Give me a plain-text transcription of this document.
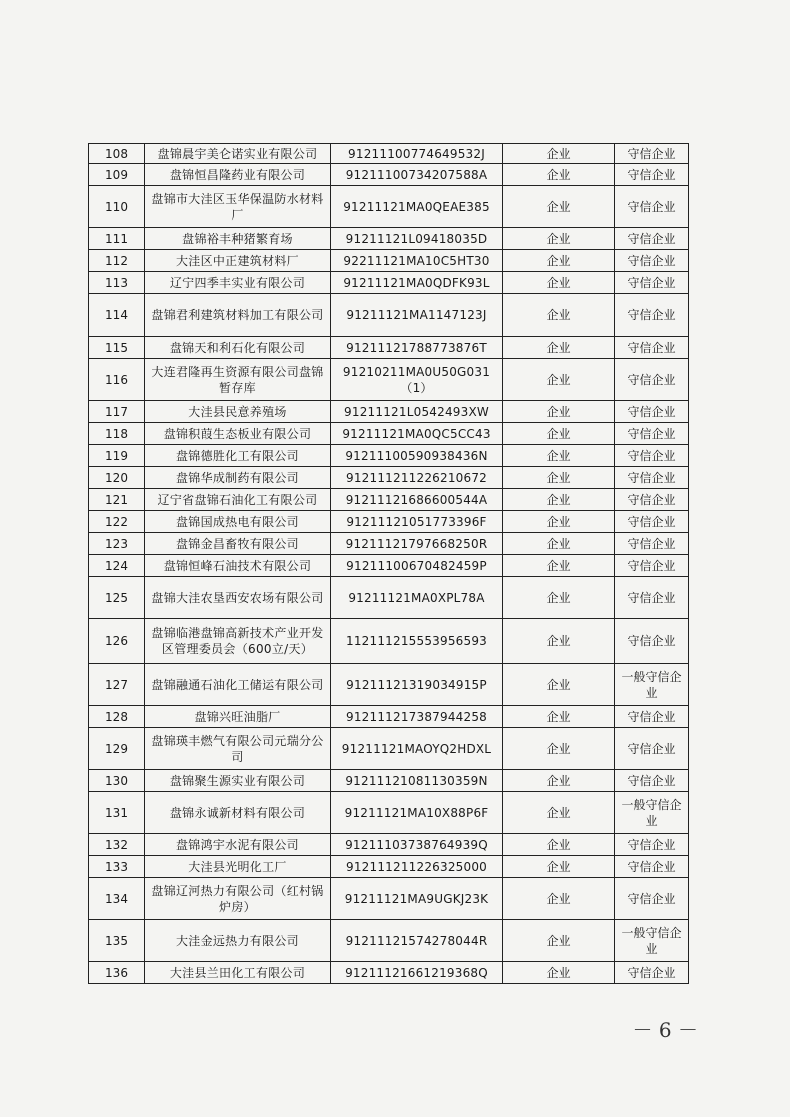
108	盘锦晨宇美仑诺实业有限公司	91211100774649532J	企业	守信企业
109	盘锦恒昌隆药业有限公司	91211100734207588A	企业	守信企业
110	盘锦市大洼区玉华保温防水材料厂	91211121MA0QEAE385	企业	守信企业
111	盘锦裕丰种猪繁育场	91211121L09418035D	企业	守信企业
112	大洼区中正建筑材料厂	92211121MA10C5HT30	企业	守信企业
113	辽宁四季丰实业有限公司	91211121MA0QDFK93L	企业	守信企业
114	盘锦君利建筑材料加工有限公司	91211121MA1147123J	企业	守信企业
115	盘锦天和利石化有限公司	91211121788773876T	企业	守信企业
116	大连君隆再生资源有限公司盘锦暂存库	91210211MA0U50G031（1）	企业	守信企业
117	大洼县民意养殖场	91211121L0542493XW	企业	守信企业
118	盘锦积葭生态板业有限公司	91211121MA0QC5CC43	企业	守信企业
119	盘锦德胜化工有限公司	91211100590938436N	企业	守信企业
120	盘锦华成制药有限公司	912111211226210672	企业	守信企业
121	辽宁省盘锦石油化工有限公司	91211121686600544A	企业	守信企业
122	盘锦国成热电有限公司	91211121051773396F	企业	守信企业
123	盘锦金昌畜牧有限公司	91211121797668250R	企业	守信企业
124	盘锦恒峰石油技术有限公司	91211100670482459P	企业	守信企业
125	盘锦大洼农垦西安农场有限公司	91211121MA0XPL78A	企业	守信企业
126	盘锦临港盘锦高新技术产业开发区管理委员会（600立/天）	112111215553956593	企业	守信企业
127	盘锦融通石油化工储运有限公司	91211121319034915P	企业	一般守信企业
128	盘锦兴旺油脂厂	912111217387944258	企业	守信企业
129	盘锦瑛丰燃气有限公司元瑞分公司	91211121MAOYQ2HDXL	企业	守信企业
130	盘锦聚生源实业有限公司	91211121081130359N	企业	守信企业
131	盘锦永诚新材料有限公司	91211121MA10X88P6F	企业	一般守信企业
132	盘锦鸿宇水泥有限公司	91211103738764939Q	企业	守信企业
133	大洼县光明化工厂	912111211226325000	企业	守信企业
134	盘锦辽河热力有限公司（红村锅炉房）	91211121MA9UGKJ23K	企业	守信企业
135	大洼金远热力有限公司	91211121574278044R	企业	一般守信企业
136	大洼县兰田化工有限公司	91211121661219368Q	企业	守信企业
－ 6 －
